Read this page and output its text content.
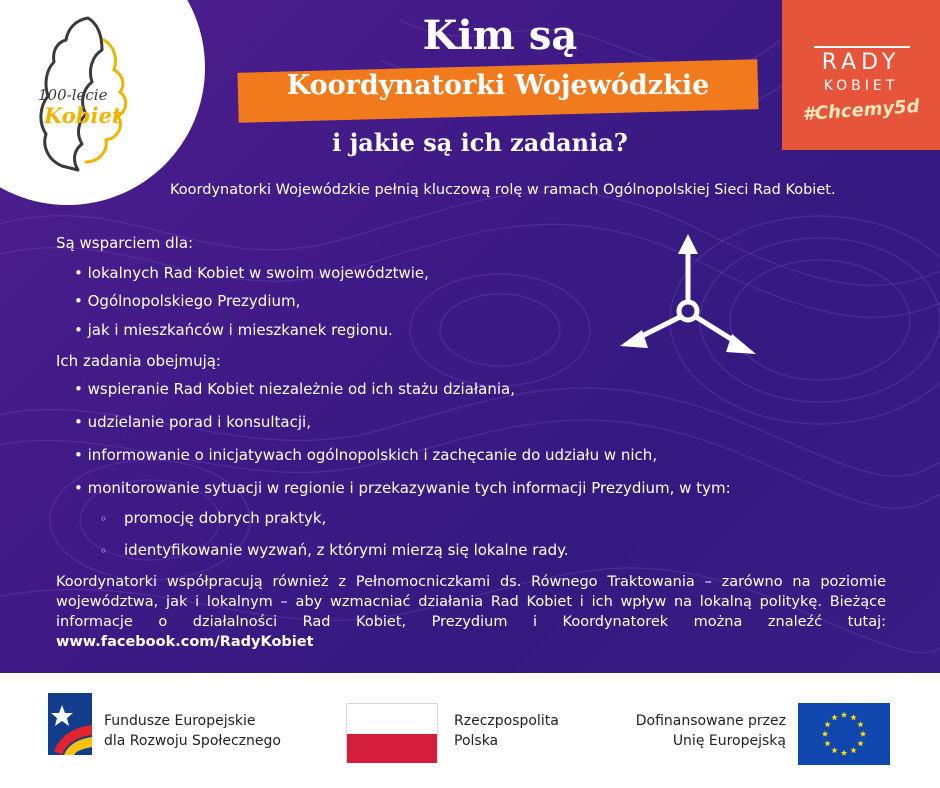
100-lecie
Kobiet
RADY
KOBIET
#Chcemy5d
Kim są
Koordynatorki Wojewódzkie
i jakie są ich zadania?
Koordynatorki Wojewódzkie pełnią kluczową rolę w ramach Ogólnopolskiej Sieci Rad Kobiet.
Są wsparciem dla:
• lokalnych Rad Kobiet w swoim województwie,
• Ogólnopolskiego Prezydium,
• jak i mieszkańców i mieszkanek regionu.
Ich zadania obejmują:
• wspieranie Rad Kobiet niezależnie od ich stażu działania,
• udzielanie porad i konsultacji,
• informowanie o inicjatywach ogólnopolskich i zachęcanie do udziału w nich,
• monitorowanie sytuacji w regionie i przekazywanie tych informacji Prezydium, w tym:
◦ promocję dobrych praktyk,
◦ identyfikowanie wyzwań, z którymi mierzą się lokalne rady.
Koordynatorki współpracują również z Pełnomocniczkami ds. Równego Traktowania – zarówno na poziomie województwa, jak i lokalnym – aby wzmacniać działania Rad Kobiet i ich wpływ na lokalną politykę. Bieżące informacje o działalności Rad Kobiet, Prezydium i Koordynatorek można znaleźć tutaj: www.facebook.com/RadyKobiet
Fundusze Europejskie
dla Rozwoju Społecznego
Rzeczpospolita
Polska
Dofinansowane przez
Unię Europejską
